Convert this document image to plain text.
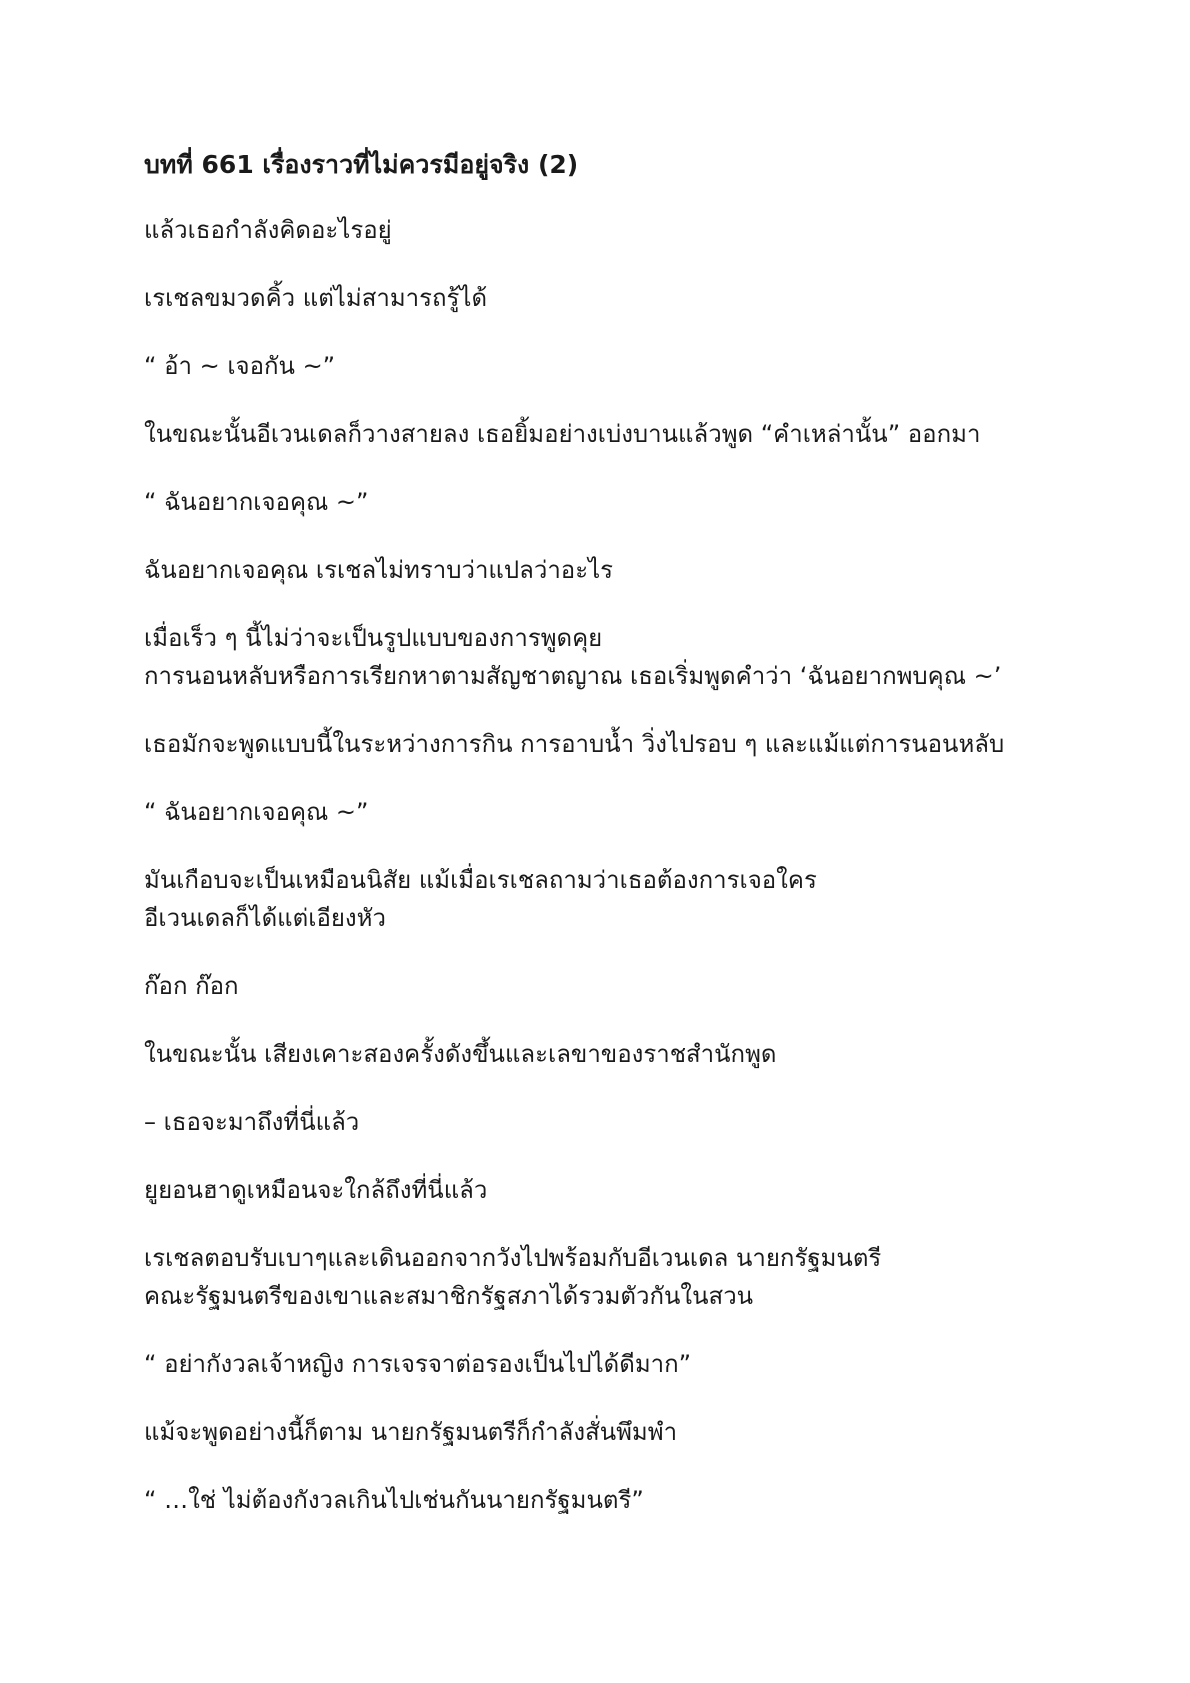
บทที่ 661 เรื่องราวที่ไม่ควรมีอยู่จริง (2)

แล้วเธอกำลังคิดอะไรอยู่

เรเชลขมวดคิ้ว แต่ไม่สามารถรู้ได้

“ อ้า ~ เจอกัน ~”

ในขณะนั้นอีเวนเดลก็วางสายลง เธอยิ้มอย่างเบ่งบานแล้วพูด “คำเหล่านั้น” ออกมา

“ ฉันอยากเจอคุณ ~”

ฉันอยากเจอคุณ เรเชลไม่ทราบว่าแปลว่าอะไร

เมื่อเร็ว ๆ นี้ไม่ว่าจะเป็นรูปแบบของการพูดคุย
การนอนหลับหรือการเรียกหาตามสัญชาตญาณ เธอเริ่มพูดคำว่า ‘ฉันอยากพบคุณ ~’

เธอมักจะพูดแบบนี้ในระหว่างการกิน การอาบน้ำ วิ่งไปรอบ ๆ และแม้แต่การนอนหลับ

“ ฉันอยากเจอคุณ ~”

มันเกือบจะเป็นเหมือนนิสัย แม้เมื่อเรเชลถามว่าเธอต้องการเจอใคร
อีเวนเดลก็ได้แต่เอียงหัว

ก๊อก ก๊อก

ในขณะนั้น เสียงเคาะสองครั้งดังขึ้นและเลขาของราชสำนักพูด

– เธอจะมาถึงที่นี่แล้ว

ยูยอนฮาดูเหมือนจะใกล้ถึงที่นี่แล้ว

เรเชลตอบรับเบาๆและเดินออกจากวังไปพร้อมกับอีเวนเดล นายกรัฐมนตรี
คณะรัฐมนตรีของเขาและสมาชิกรัฐสภาได้รวมตัวกันในสวน

“ อย่ากังวลเจ้าหญิง การเจรจาต่อรองเป็นไปได้ดีมาก”

แม้จะพูดอย่างนี้ก็ตาม นายกรัฐมนตรีก็กำลังสั่นพึมพำ

“ …ใช่ ไม่ต้องกังวลเกินไปเช่นกันนายกรัฐมนตรี”
